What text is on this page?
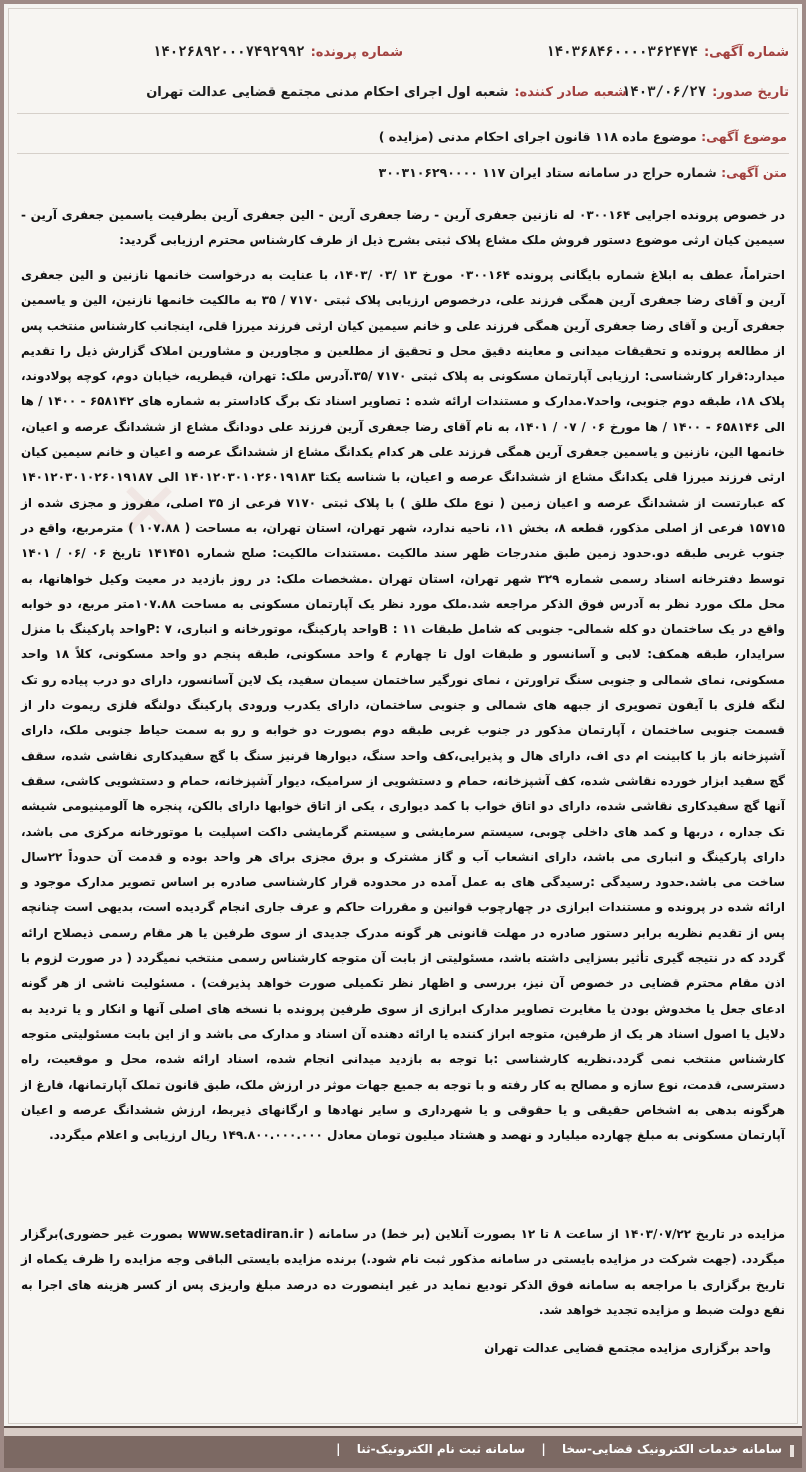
شماره آگهی:
۱۴۰۳۶۸۴۶۰۰۰۰۳۶۲۴۷۴
شماره پرونده:
۱۴۰۲۶۸۹۲۰۰۰۷۴۹۲۹۹۲
تاریخ صدور:
۱۴۰۳/۰۶/۲۷
شعبه صادر کننده:
شعبه اول اجرای احکام مدنی مجتمع قضایی عدالت تهران
موضوع آگهی: موضوع ماده ۱۱۸ قانون اجرای احکام مدنی (مزایده )
متن آگهی: شماره حراج در سامانه ستاد ایران ۱۱۷ ۳۰۰۳۱۰۶۲۹۰۰۰۰

در خصوص پرونده اجرایی ۰۳۰۰۱۶۴ له نازنین جعفری آرین - رضا جعفری آرین - الین جعفری آرین بطرفیت یاسمین جعفری آرین - سیمین کیان ارثی موضوع دستور فروش ملک مشاع پلاک ثبتی بشرح ذیل از طرف کارشناس محترم ارزیابی گردید:

احتراماً، عطف به ابلاغ شماره بایگانی پرونده ۰۳۰۰۱۶۴ مورخ ۱۳ /۰۳ /۱۴۰۳، با عنایت به درخواست خانمها نازنین و الین جعفری آرین و آقای رضا جعفری آرین همگی فرزند علی، درخصوص ارزیابی پلاک ثبتی ۷۱۷۰ / ۳۵ به مالکیت خانمها نازنین، الین و یاسمین جعفری آرین و آقای رضا جعفری آرین همگی فرزند علی و خانم سیمین کیان ارثی فرزند میرزا قلی، اینجانب کارشناس منتخب پس از مطالعه پرونده و تحقیقات میدانی و معاینه دقیق محل و تحقیق از مطلعین و مجاورین و مشاورین املاک گزارش ذیل را تقدیم میدارد:قرار کارشناسی: ارزیابی آپارتمان مسکونی به پلاک ثبتی ۷۱۷۰ /۳۵.آدرس ملک: تهران، قیطریه، خیابان دوم، کوچه پولادوند، پلاک ۱۸، طبقه دوم جنوبی، واحد۷.مدارک و مستندات ارائه شده : تصاویر اسناد تک برگ کاداستر به شماره های ۶۵۸۱۴۲ - ۱۴۰۰ / ها الی ۶۵۸۱۴۶ - ۱۴۰۰ / ها مورخ ۰۶ / ۰۷ / ۱۴۰۱، به نام آقای رضا جعفری آرین فرزند علی دودانگ مشاع از ششدانگ عرصه و اعیان، خانمها الین، نازنین و یاسمین جعفری آرین همگی فرزند علی هر کدام یکدانگ مشاع از ششدانگ عرصه و اعیان و خانم سیمین کیان ارثی فرزند میرزا قلی یکدانگ مشاع از ششدانگ عرصه و اعیان، با شناسه یکتا ۱۴۰۱۲۰۳۰۱۰۲۶۰۱۹۱۸۳ الی ۱۴۰۱۲۰۳۰۱۰۲۶۰۱۹۱۸۷ که عبارتست از ششدانگ عرصه و اعیان زمین ( نوع ملک طلق ) با پلاک ثبتی ۷۱۷۰ فرعی از ۳۵ اصلی، مفروز و مجزی شده از ۱۵۷۱۵ فرعی از اصلی مذکور، قطعه ۸، بخش ۱۱، ناحیه ندارد، شهر تهران، استان تهران، به مساحت ( ۱۰۷.۸۸ ) مترمربع، واقع در جنوب غربی طبقه دو.حدود زمین طبق مندرجات ظهر سند مالکیت .مستندات مالکیت: صلح شماره ۱۴۱۴۵۱ تاریخ ۰۶ /۰۶ / ۱۴۰۱ توسط دفترخانه اسناد رسمی شماره ۳۲۹ شهر تهران، استان تهران .مشخصات ملک: در روز بازدید در معیت وکیل خواهانها، به محل ملک مورد نظر به آدرس فوق الذکر مراجعه شد.ملک مورد نظر یک آپارتمان مسکونی به مساحت ۱۰۷.۸۸متر مربع، دو خوابه واقع در یک ساختمان دو کله شمالی- جنوبی که شامل طبقات ۱۱ : Bواحد پارکینگ، موتورخانه و انباری، ۷ :Pواحد پارکینگ با منزل سرایدار، طبقه همکف: لابی و آسانسور و طبقات اول تا چهارم ٤ واحد مسکونی، طبقه پنجم دو واحد مسکونی، کلاً ۱۸ واحد مسکونی، نمای شمالی و جنوبی سنگ تراورتن ، نمای نورگیر ساختمان سیمان سفید، یک لاین آسانسور، دارای دو درب پیاده رو تک لنگه فلزی با آیفون تصویری از جبهه های شمالی و جنوبی ساختمان، دارای یکدرب ورودی پارکینگ دولنگه فلزی ریموت دار از قسمت جنوبی ساختمان ، آپارتمان مذکور در جنوب غربی طبقه دوم بصورت دو خوابه و رو به سمت حیاط جنوبی ملک، دارای آشپزخانه باز با کابینت ام دی اف، دارای هال و پذیرایی،کف واحد سنگ، دیوارها قرنیز سنگ با گچ سفیدکاری نقاشی شده، سقف گچ سفید ابزار خورده نقاشی شده، کف آشپزخانه، حمام و دستشویی از سرامیک، دیوار آشپزخانه، حمام و دستشویی کاشی، سقف آنها گچ سفیدکاری نقاشی شده، دارای دو اتاق خواب با کمد دیواری ، یکی از اتاق خوابها دارای بالکن، پنجره ها آلومینیومی شیشه تک جداره ، دربها و کمد های داخلی چوبی، سیستم سرمایشی و سیستم گرمایشی داکت اسپلیت با موتورخانه مرکزی می باشد، دارای پارکینگ و انباری می باشد، دارای انشعاب آب و گاز مشترک و برق مجزی برای هر واحد بوده و قدمت آن حدوداً ۲۲سال ساخت می باشد.حدود رسیدگی :رسیدگی های به عمل آمده در محدوده قرار کارشناسی صادره بر اساس تصویر مدارک موجود و ارائه شده در پرونده و مستندات ابرازی در چهارچوب قوانین و مقررات حاکم و عرف جاری انجام گردیده است، بدیهی است چنانچه پس از تقدیم نظریه برابر دستور صادره در مهلت قانونی هر گونه مدرک جدیدی از سوی طرفین یا هر مقام رسمی ذیصلاح ارائه گردد که در نتیجه گیری تأثیر بسزایی داشته باشد، مسئولیتی از بابت آن متوجه کارشناس رسمی منتخب نمیگردد ( در صورت لزوم با اذن مقام محترم قضایی در خصوص آن نیز، بررسی و اظهار نظر تکمیلی صورت خواهد پذیرفت) . مسئولیت ناشی از هر گونه ادعای جعل یا مخدوش بودن یا مغایرت تصاویر مدارک ابرازی از سوی طرفین پرونده با نسخه های اصلی آنها و انکار و یا تردید به دلایل یا اصول اسناد هر یک از طرفین، متوجه ابراز کننده یا ارائه دهنده آن اسناد و مدارک می باشد و از این بابت مسئولیتی متوجه کارشناس منتخب نمی گردد.نظریه کارشناسی :با توجه به بازدید میدانی انجام شده، اسناد ارائه شده، محل و موقعیت، راه دسترسی، قدمت، نوع سازه و مصالح به کار رفته و با توجه به جمیع جهات موثر در ارزش ملک، طبق قانون تملک آپارتمانها، فارغ از هرگونه بدهی به اشخاص حقیقی و یا حقوقی و یا شهرداری و سایر نهادها و ارگانهای ذیربط، ارزش ششدانگ عرصه و اعیان آپارتمان مسکونی به مبلغ چهارده میلیارد و نهصد و هشتاد میلیون تومان معادل ۱۴۹.۸۰۰.۰۰۰.۰۰۰ ریال ارزیابی و اعلام میگردد.

مزایده در تاریخ ۱۴۰۳/۰۷/۲۲ از ساعت ۸ تا ۱۲ بصورت آنلاین (بر خط) در سامانه ( www.setadiran.ir بصورت غیر حضوری)برگزار میگردد. (جهت شرکت در مزایده بایستی در سامانه مذکور ثبت نام شود.) برنده مزایده بایستی الباقی وجه مزایده را ظرف یکماه از تاریخ برگزاری با مراجعه به سامانه فوق الذکر تودیع نماید در غیر اینصورت ده درصد مبلغ واریزی پس از کسر هزینه های اجرا به نفع دولت ضبط و مزایده تجدید خواهد شد.

واحد برگزاری مزایده مجتمع قضایی عدالت تهران

سامانه خدمات الکترونیک قضایی-سخا | سامانه ثبت نام الکترونیک-ثنا |
